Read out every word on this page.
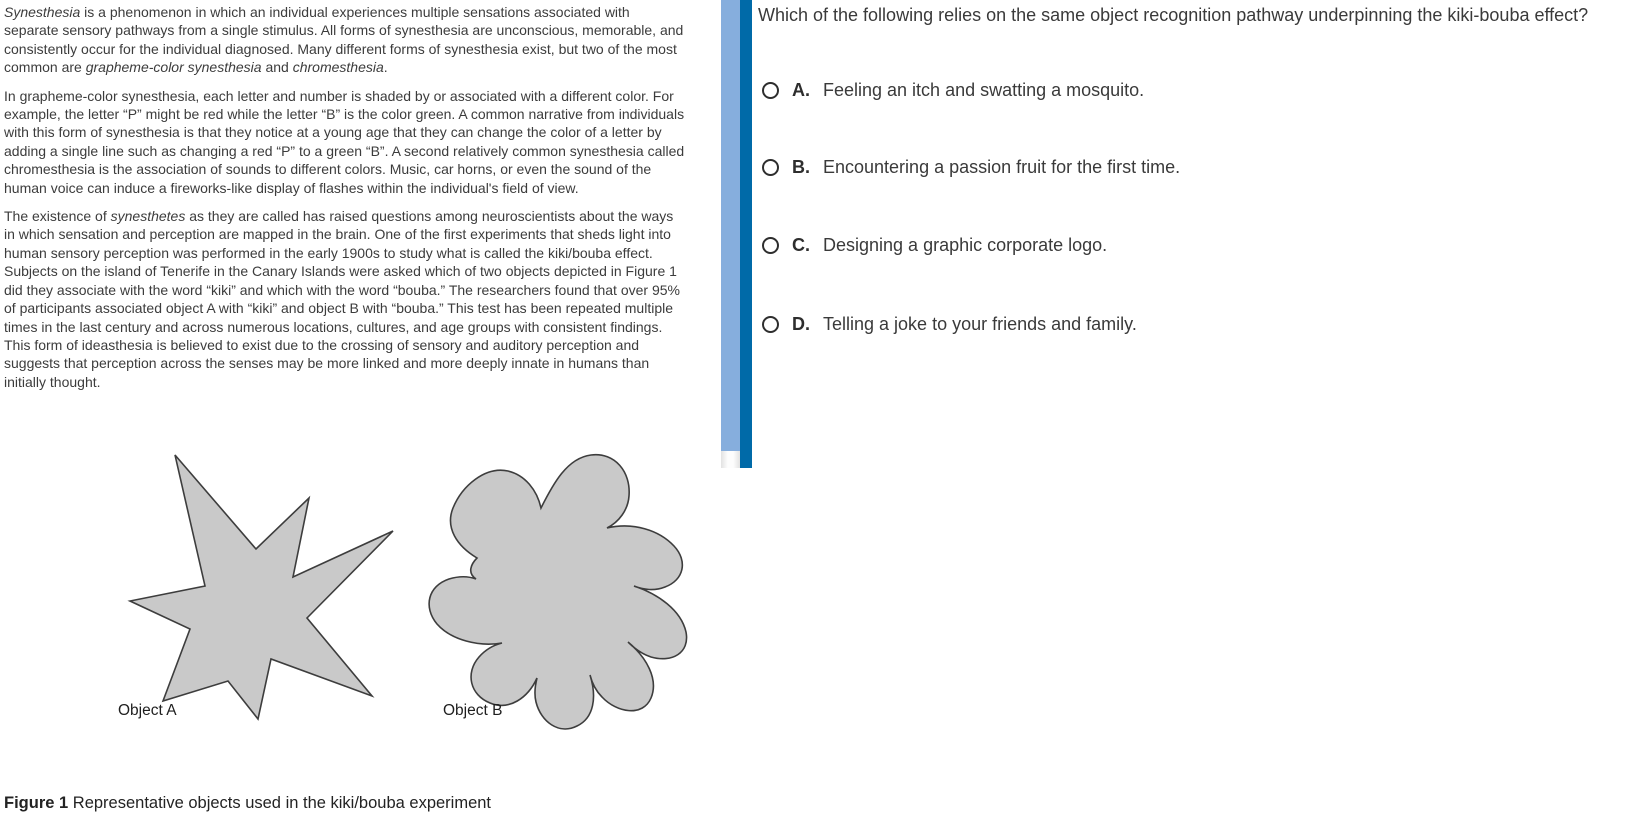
Synesthesia is a phenomenon in which an individual experiences multiple sensations associated with separate sensory pathways from a single stimulus. All forms of synesthesia are unconscious, memorable, and consistently occur for the individual diagnosed. Many different forms of synesthesia exist, but two of the most common are grapheme-color synesthesia and chromesthesia.

In grapheme-color synesthesia, each letter and number is shaded by or associated with a different color. For example, the letter “P” might be red while the letter “B” is the color green. A common narrative from individuals with this form of synesthesia is that they notice at a young age that they can change the color of a letter by adding a single line such as changing a red “P” to a green “B”. A second relatively common synesthesia called chromesthesia is the association of sounds to different colors. Music, car horns, or even the sound of the human voice can induce a fireworks-like display of flashes within the individual's field of view.

The existence of synesthetes as they are called has raised questions among neuroscientists about the ways in which sensation and perception are mapped in the brain. One of the first experiments that sheds light into human sensory perception was performed in the early 1900s to study what is called the kiki/bouba effect. Subjects on the island of Tenerife in the Canary Islands were asked which of two objects depicted in Figure 1 did they associate with the word “kiki” and which with the word “bouba.” The researchers found that over 95% of participants associated object A with “kiki” and object B with “bouba.” This test has been repeated multiple times in the last century and across numerous locations, cultures, and age groups with consistent findings. This form of ideasthesia is believed to exist due to the crossing of sensory and auditory perception and suggests that perception across the senses may be more linked and more deeply innate in humans than initially thought.

Object A	Object B
Figure 1 Representative objects used in the kiki/bouba experiment
Which of the following relies on the same object recognition pathway underpinning the kiki-bouba effect?
A. Feeling an itch and swatting a mosquito.
B. Encountering a passion fruit for the first time.
C. Designing a graphic corporate logo.
D. Telling a joke to your friends and family.
